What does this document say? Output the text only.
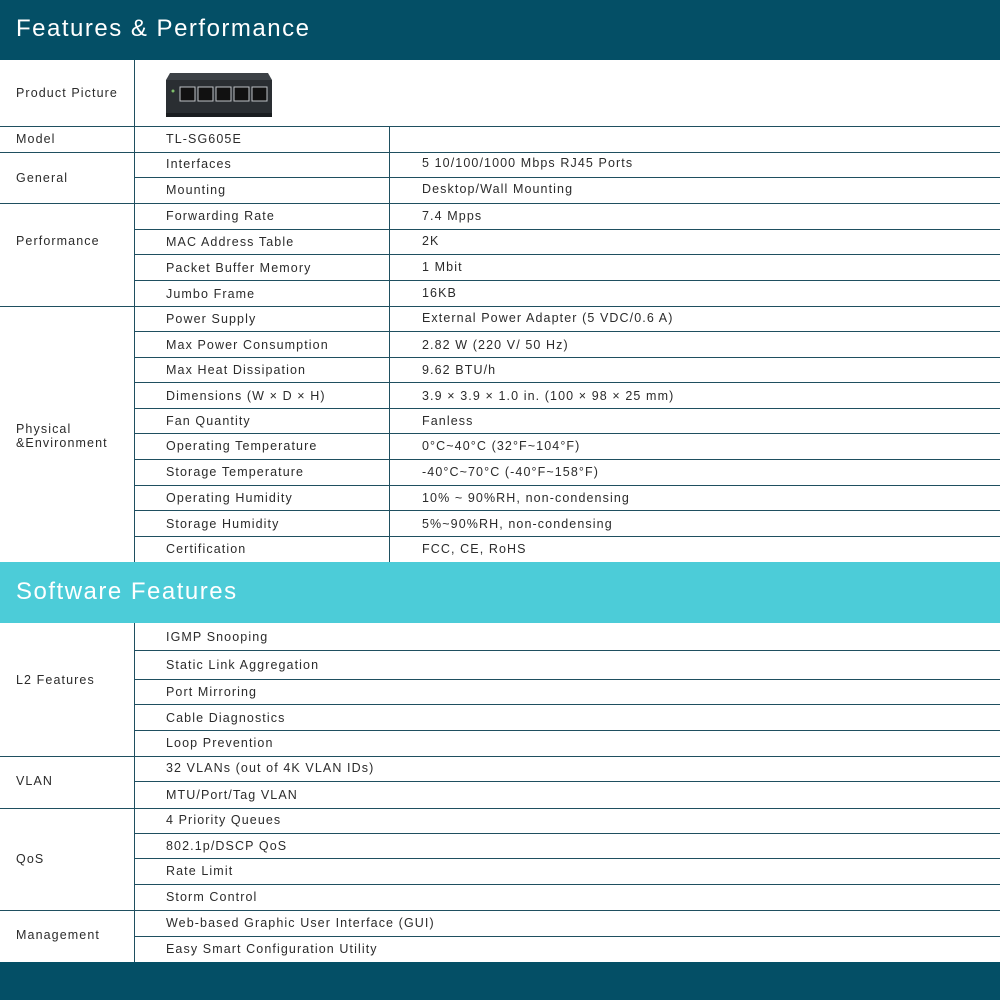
Features & Performance
Product Picture
Model	TL-SG605E
General
Interfaces	5 10/100/1000 Mbps RJ45 Ports
Mounting	Desktop/Wall Mounting
Performance
Forwarding Rate	7.4 Mpps
MAC Address Table	2K
Packet Buffer Memory	1 Mbit
Jumbo Frame	16KB
Physical
&Environment
Power Supply	External Power Adapter (5 VDC/0.6 A)
Max Power Consumption	2.82 W (220 V/ 50 Hz)
Max Heat Dissipation	9.62 BTU/h
Dimensions (W × D × H)	3.9 × 3.9 × 1.0 in. (100 × 98 × 25 mm)
Fan Quantity	Fanless
Operating Temperature	0°C~40°C (32°F~104°F)
Storage Temperature	-40°C~70°C (-40°F~158°F)
Operating Humidity	10% ~ 90%RH, non-condensing
Storage Humidity	5%~90%RH, non-condensing
Certification	FCC, CE, RoHS
Software Features
L2 Features
IGMP Snooping
Static Link Aggregation
Port Mirroring
Cable Diagnostics
Loop Prevention
VLAN
32 VLANs (out of 4K VLAN IDs)
MTU/Port/Tag VLAN
QoS
4 Priority Queues
802.1p/DSCP QoS
Rate Limit
Storm Control
Management
Web-based Graphic User Interface (GUI)
Easy Smart Configuration Utility
